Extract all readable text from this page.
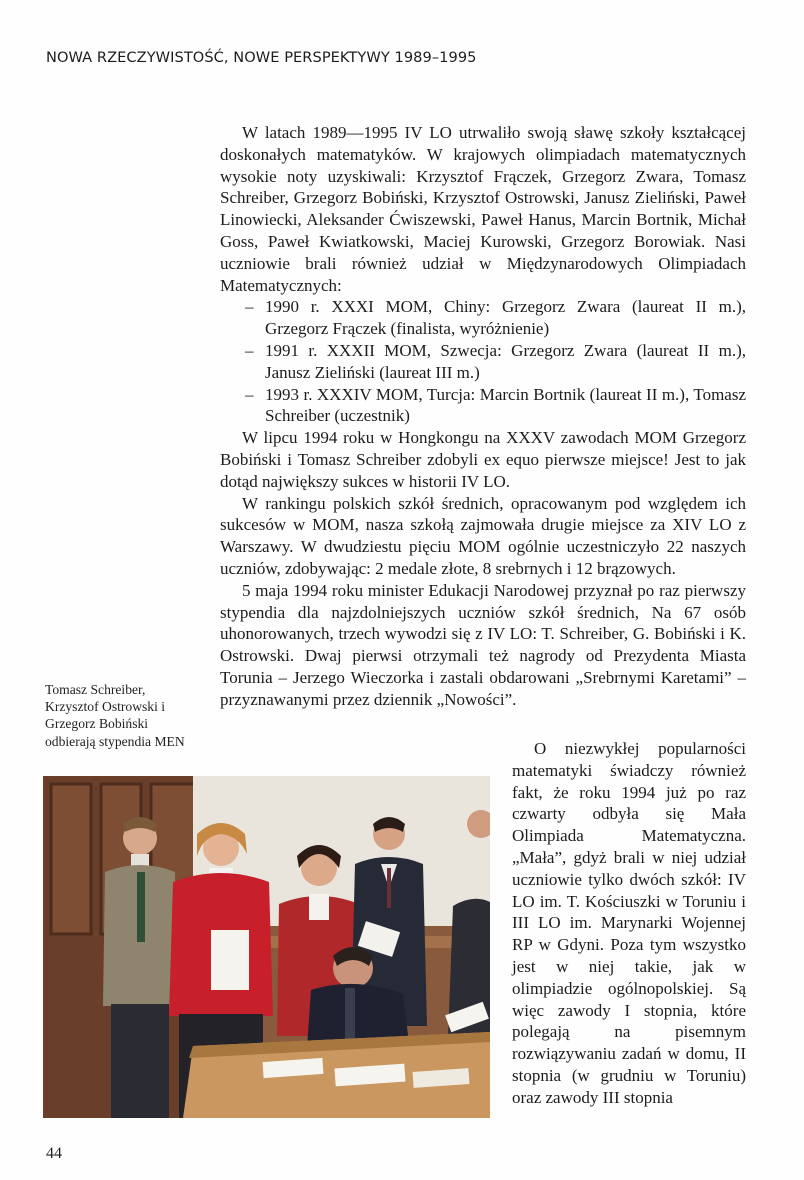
NOWA RZECZYWISTOŚĆ, NOWE PERSPEKTYWY 1989–1995

W latach 1989—1995 IV LO utrwaliło swoją sławę szkoły kształcącej doskonałych matematyków. W krajowych olimpiadach matematycznych wysokie noty uzyskiwali: Krzysztof Frączek, Grzegorz Zwara, Tomasz Schreiber, Grzegorz Bobiński, Krzysztof Ostrowski, Janusz Zieliński, Paweł Linowiecki, Aleksander Ćwiszewski, Paweł Hanus, Marcin Bortnik, Michał Goss, Paweł Kwiatkowski, Maciej Kurowski, Grzegorz Borowiak. Nasi uczniowie brali również udział w Międzynarodowych Olimpiadach Matematycznych:

– 1990 r. XXXI MOM, Chiny: Grzegorz Zwara (laureat II m.), Grzegorz Frączek (finalista, wyróżnienie)
– 1991 r. XXXII MOM, Szwecja: Grzegorz Zwara (laureat II m.), Janusz Zieliński (laureat III m.)
– 1993 r. XXXIV MOM, Turcja: Marcin Bortnik (laureat II m.), Tomasz Schreiber (uczestnik)

W lipcu 1994 roku w Hongkongu na XXXV zawodach MOM Grzegorz Bobiński i Tomasz Schreiber zdobyli ex equo pierwsze miejsce! Jest to jak dotąd największy sukces w historii IV LO.

W rankingu polskich szkół średnich, opracowanym pod względem ich sukcesów w MOM, nasza szkołą zajmowała drugie miejsce za XIV LO z Warszawy. W dwudziestu pięciu MOM ogólnie uczestniczyło 22 naszych uczniów, zdobywając: 2 medale złote, 8 srebrnych i 12 brązowych.

5 maja 1994 roku minister Edukacji Narodowej przyznał po raz pierwszy stypendia dla najzdolniejszych uczniów szkół średnich, Na 67 osób uhonorowanych, trzech wywodzi się z IV LO: T. Schreiber, G. Bobiński i K. Ostrowski. Dwaj pierwsi otrzymali też nagrody od Prezydenta Miasta Torunia – Jerzego Wieczorka i zastali obdarowani „Srebrnymi Karetami” – przyznawanymi przez dziennik „Nowości”.

O niezwykłej popularności matematyki świadczy również fakt, że roku 1994 już po raz czwarty odbyła się Mała Olimpiada Matematyczna. „Mała”, gdyż brali w niej udział uczniowie tylko dwóch szkół: IV LO im. T. Kościuszki w Toruniu i III LO im. Marynarki Wojennej RP w Gdyni. Poza tym wszystko jest w niej takie, jak w olimpiadzie ogólnopolskiej. Są więc zawody I stopnia, które polegają na pisemnym rozwiązywaniu zadań w domu, II stopnia (w grudniu w Toruniu) oraz zawody III stopnia

Tomasz Schreiber, Krzysztof Ostrowski i Grzegorz Bobiński odbierają stypendia MEN
44
